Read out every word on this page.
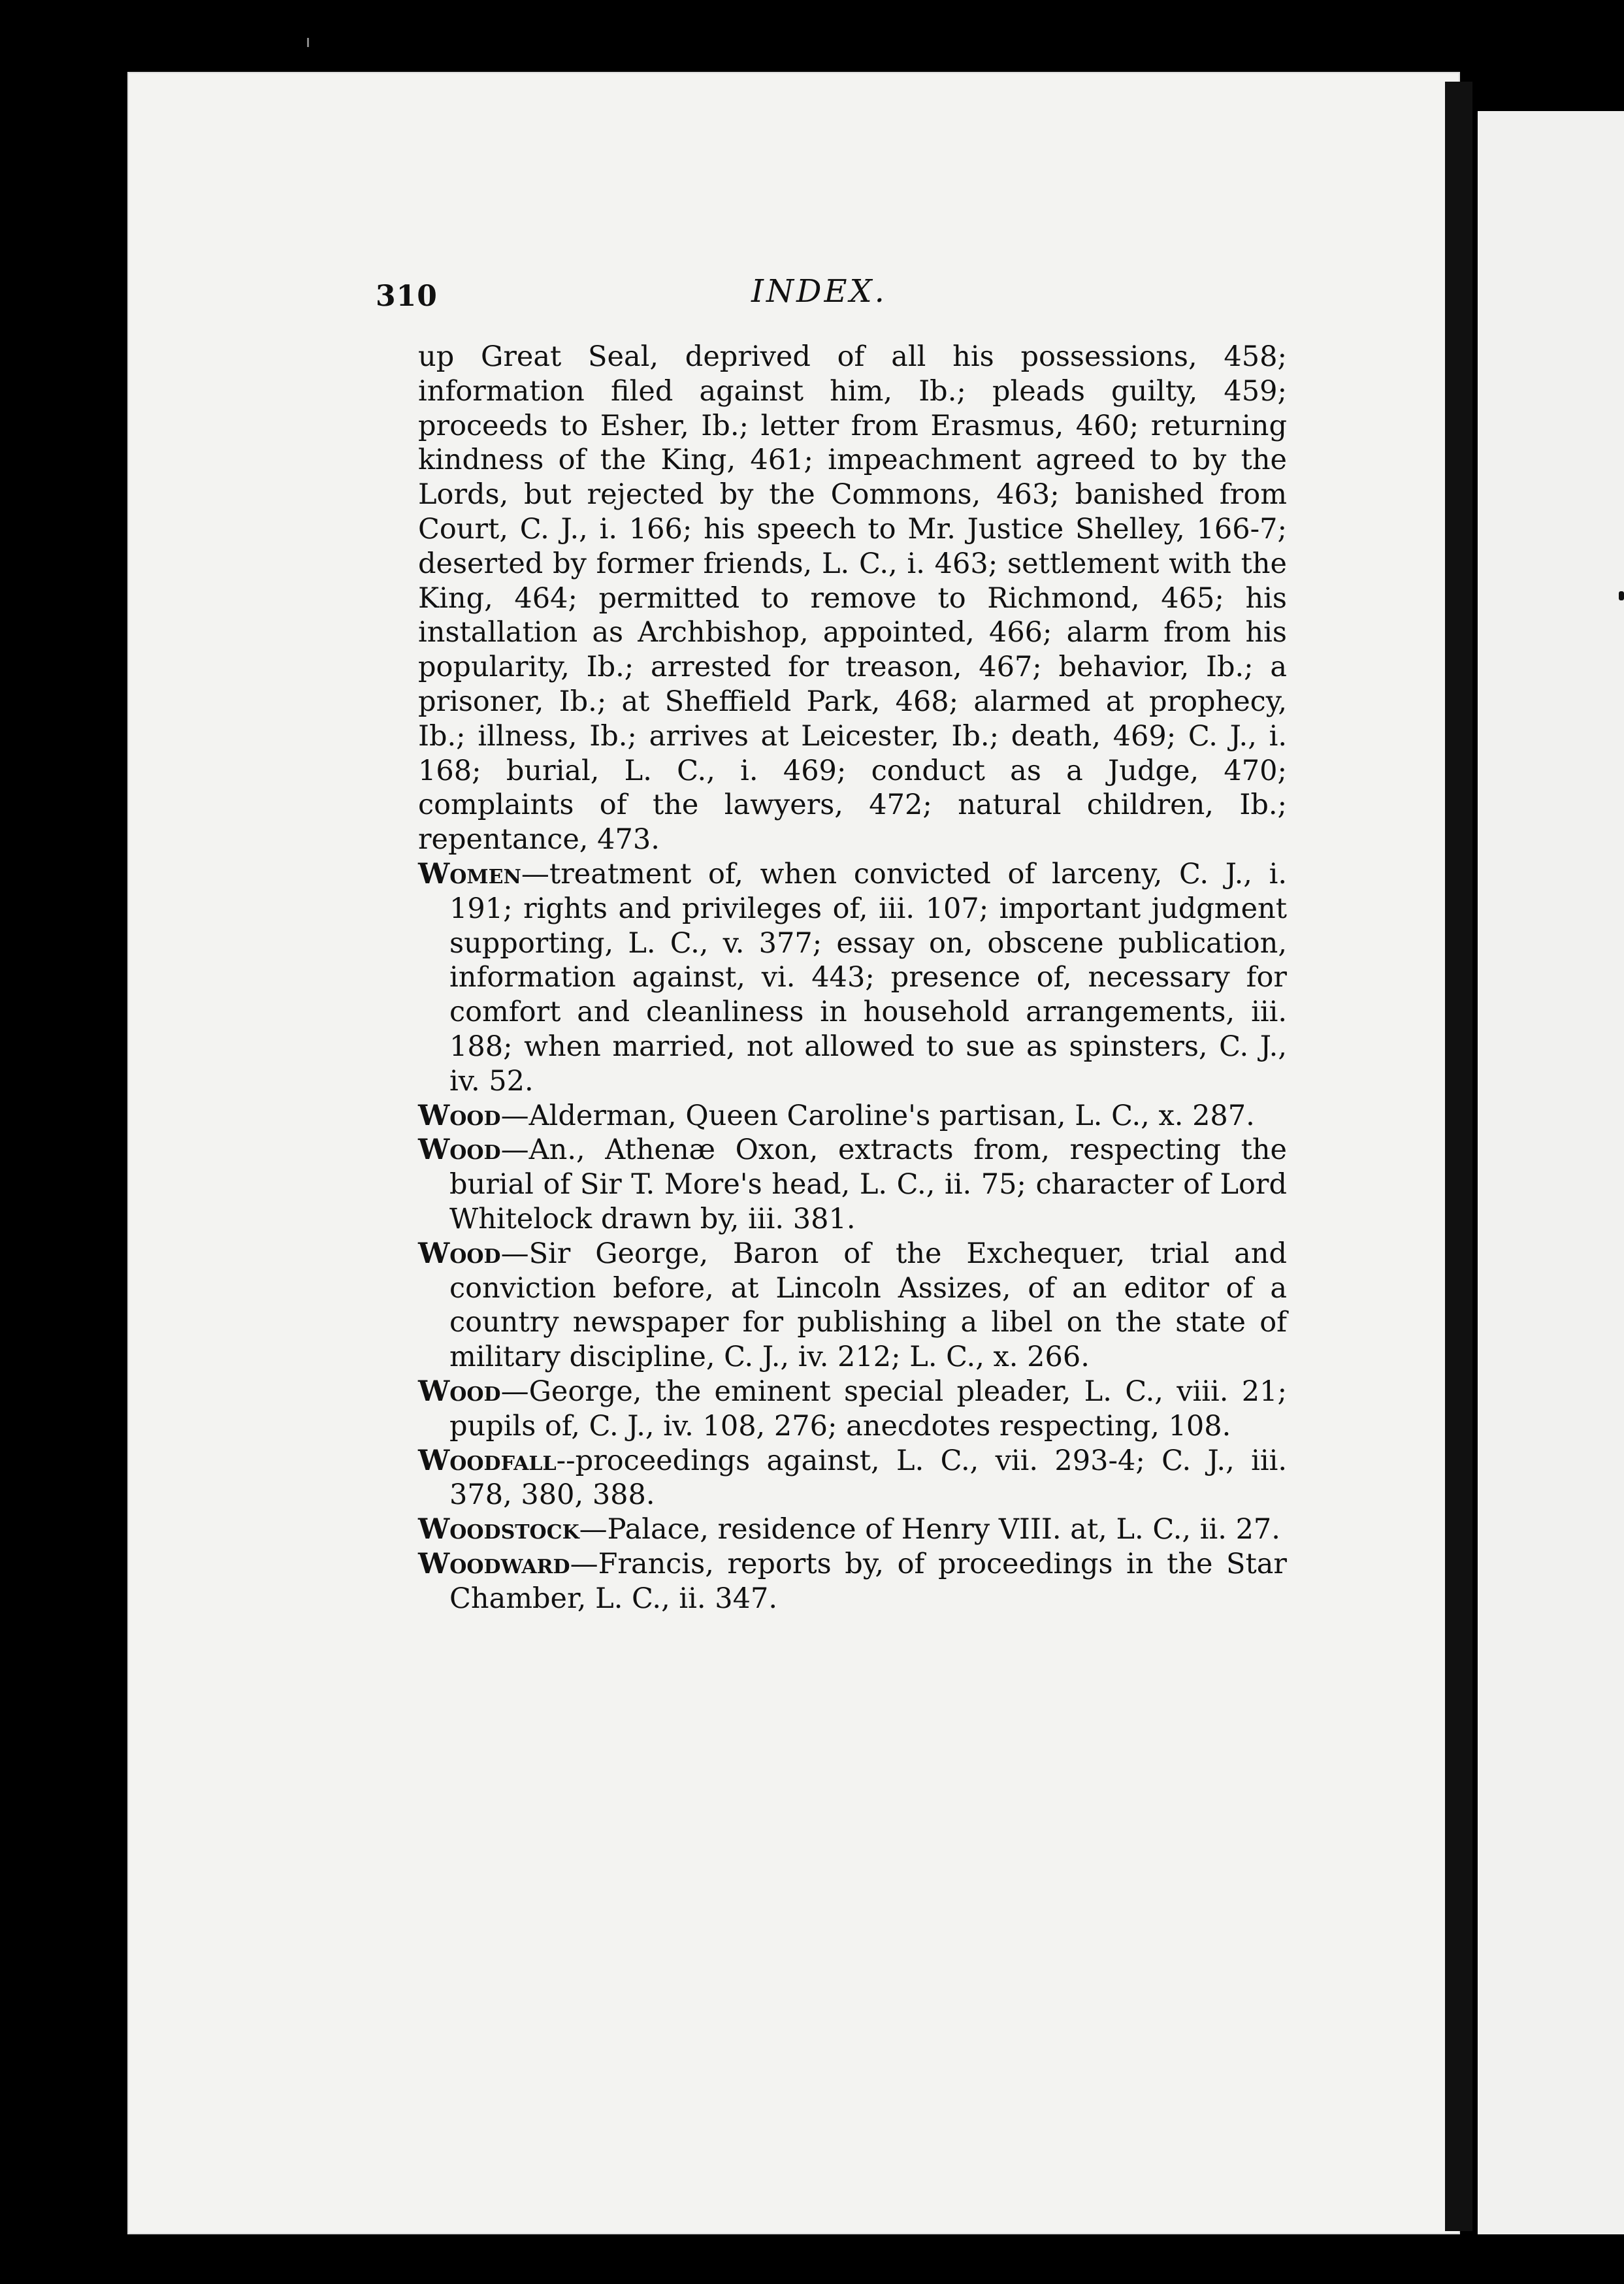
310	INDEX.

up Great Seal, deprived of all his possessions, 458; information filed against him, Ib.; pleads guilty, 459; proceeds to Esher, Ib.; letter from Erasmus, 460; returning kindness of the King, 461; impeachment agreed to by the Lords, but rejected by the Commons, 463; banished from Court, C. J., i. 166; his speech to Mr. Justice Shelley, 166-7; deserted by former friends, L. C., i. 463; settlement with the King, 464; permitted to remove to Richmond, 465; his installation as Archbishop, appointed, 466; alarm from his popularity, Ib.; arrested for treason, 467; behavior, Ib.; a prisoner, Ib.; at Sheffield Park, 468; alarmed at prophecy, Ib.; illness, Ib.; arrives at Leicester, Ib.; death, 469; C. J., i. 168; burial, L. C., i. 469; conduct as a Judge, 470; complaints of the lawyers, 472; natural children, Ib.; repentance, 473.

Women—treatment of, when convicted of larceny, C. J., i. 191; rights and privileges of, iii. 107; important judgment supporting, L. C., v. 377; essay on, obscene publication, information against, vi. 443; presence of, necessary for comfort and cleanliness in household arrangements, iii. 188; when married, not allowed to sue as spinsters, C. J., iv. 52.

Wood—Alderman, Queen Caroline's partisan, L. C., x. 287.

Wood—An., Athenæ Oxon, extracts from, respecting the burial of Sir T. More's head, L. C., ii. 75; character of Lord Whitelock drawn by, iii. 381.

Wood—Sir George, Baron of the Exchequer, trial and conviction before, at Lincoln Assizes, of an editor of a country newspaper for publishing a libel on the state of military discipline, C. J., iv. 212; L. C., x. 266.

Wood—George, the eminent special pleader, L. C., viii. 21; pupils of, C. J., iv. 108, 276; anecdotes respecting, 108.

Woodfall--proceedings against, L. C., vii. 293-4; C. J., iii. 378, 380, 388.

Woodstock—Palace, residence of Henry VIII. at, L. C., ii. 27.

Woodward—Francis, reports by, of proceedings in the Star Chamber, L. C., ii. 347.
